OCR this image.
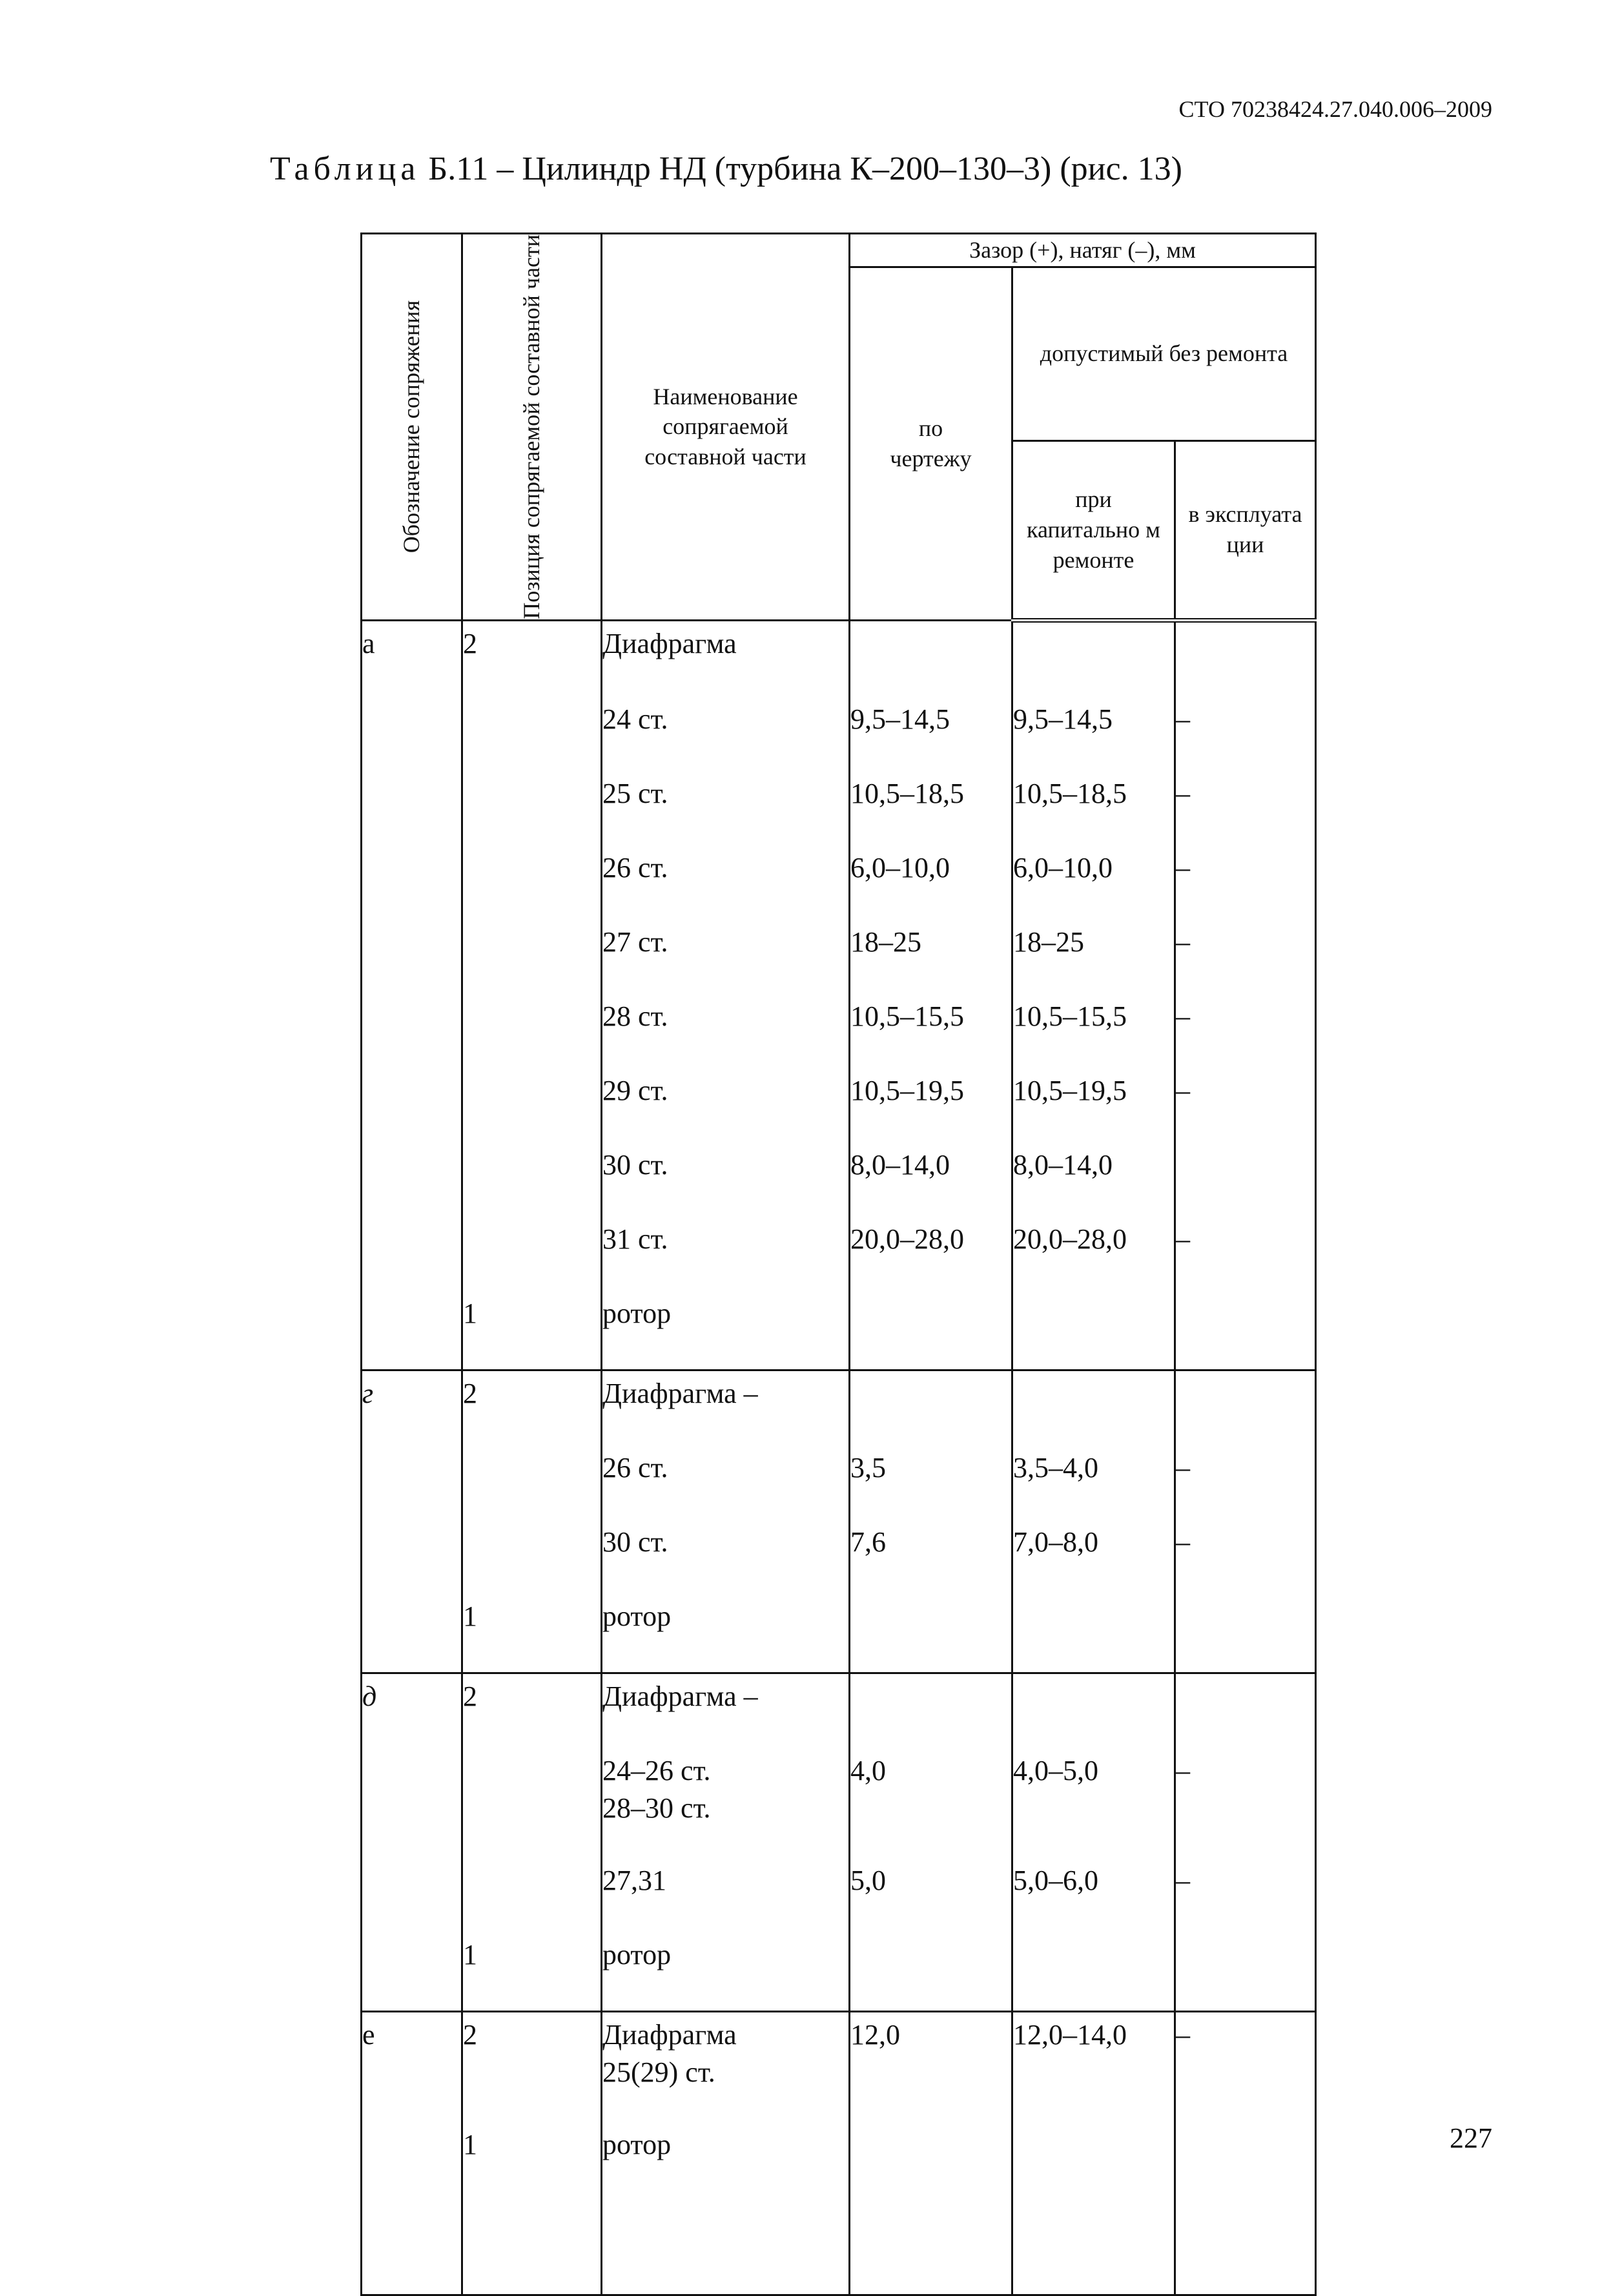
СТО 70238424.27.040.006–2009
Таблица Б.11 – Цилиндр НД (турбина К–200–130–3) (рис. 13)
Обозначение сопряжения	Позиция сопрягаемой составной части	Наименование сопрягаемой составной части	Зазор (+), натяг (–), мм		
			по чертежу	допустимый без ремонта	
				при капитально м ремонте	в эксплуата ции

а	2	Диафрагма			

		24 ст.	9,5–14,5	9,5–14,5	–

		25 ст.	10,5–18,5	10,5–18,5	–

		26 ст.	6,0–10,0	6,0–10,0	–

		27 ст.	18–25	18–25	–

		28 ст.	10,5–15,5	10,5–15,5	–

		29 ст.	10,5–19,5	10,5–19,5	–

		30 ст.	8,0–14,0	8,0–14,0	

		31 ст.	20,0–28,0	20,0–28,0	–

	1	ротор			

г	2	Диафрагма –			

		26 ст.	3,5	3,5–4,0	–

		30 ст.	7,6	7,0–8,0	–

	1	ротор			

д	2	Диафрагма –			

		24–26 ст.
28–30 ст.	4,0	4,0–5,0	–

		27,31	5,0	5,0–6,0	–

	1	ротор			

е	2	Диафрагма
25(29) ст.	12,0	12,0–14,0	–

	1	ротор			

		227
